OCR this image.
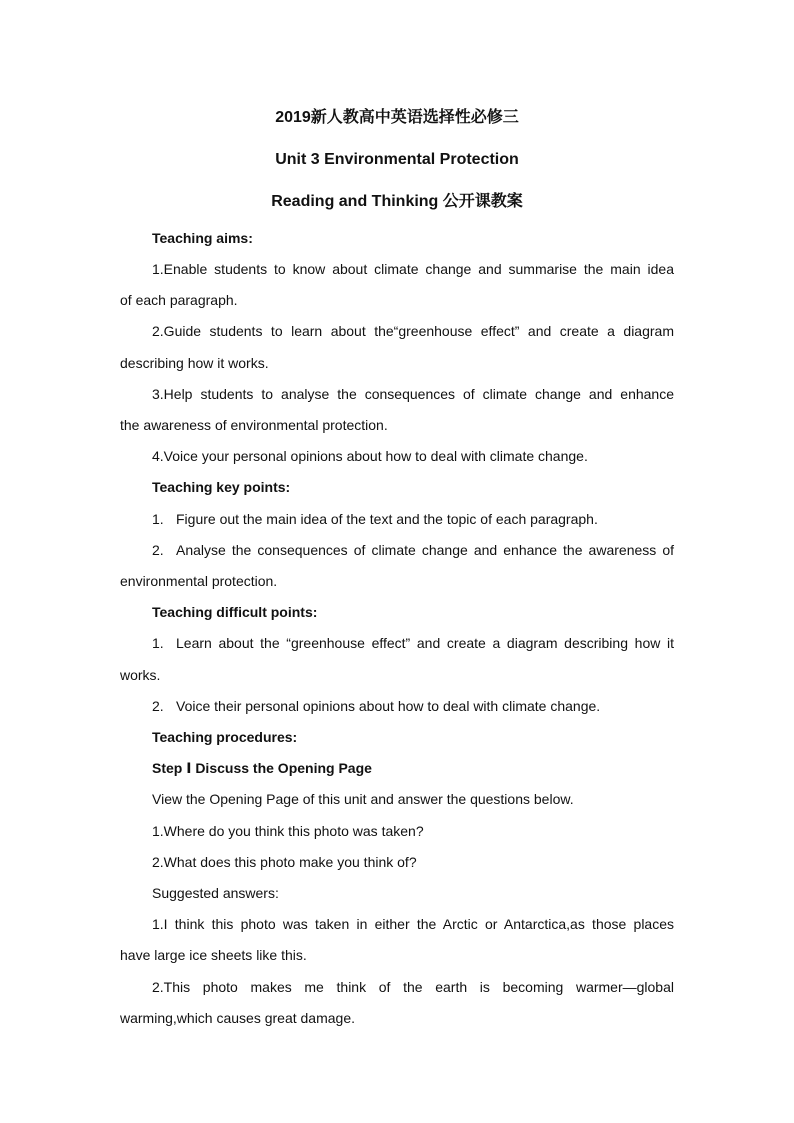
2019新人教高中英语选择性必修三
Unit 3 Environmental Protection
Reading and Thinking 公开课教案
Teaching aims:
1.Enable students to know about climate change and summarise the main idea
of each paragraph.
2.Guide students to learn about the“greenhouse effect” and create a diagram
describing how it works.
3.Help students to analyse the consequences of climate change and enhance
the awareness of environmental protection.
4.Voice your personal opinions about how to deal with climate change.
Teaching key points:
1. Figure out the main idea of the text and the topic of each paragraph.
2. Analyse the consequences of climate change and enhance the awareness of
environmental protection.
Teaching difficult points:
1. Learn about the “greenhouse effect” and create a diagram describing how it
works.
2. Voice their personal opinions about how to deal with climate change.
Teaching procedures:
Step Ⅰ Discuss the Opening Page
View the Opening Page of this unit and answer the questions below.
1.Where do you think this photo was taken?
2.What does this photo make you think of?
Suggested answers:
1.I think this photo was taken in either the Arctic or Antarctica,as those places
have large ice sheets like this.
2.This photo makes me think of the earth is becoming warmer—global
warming,which causes great damage.
